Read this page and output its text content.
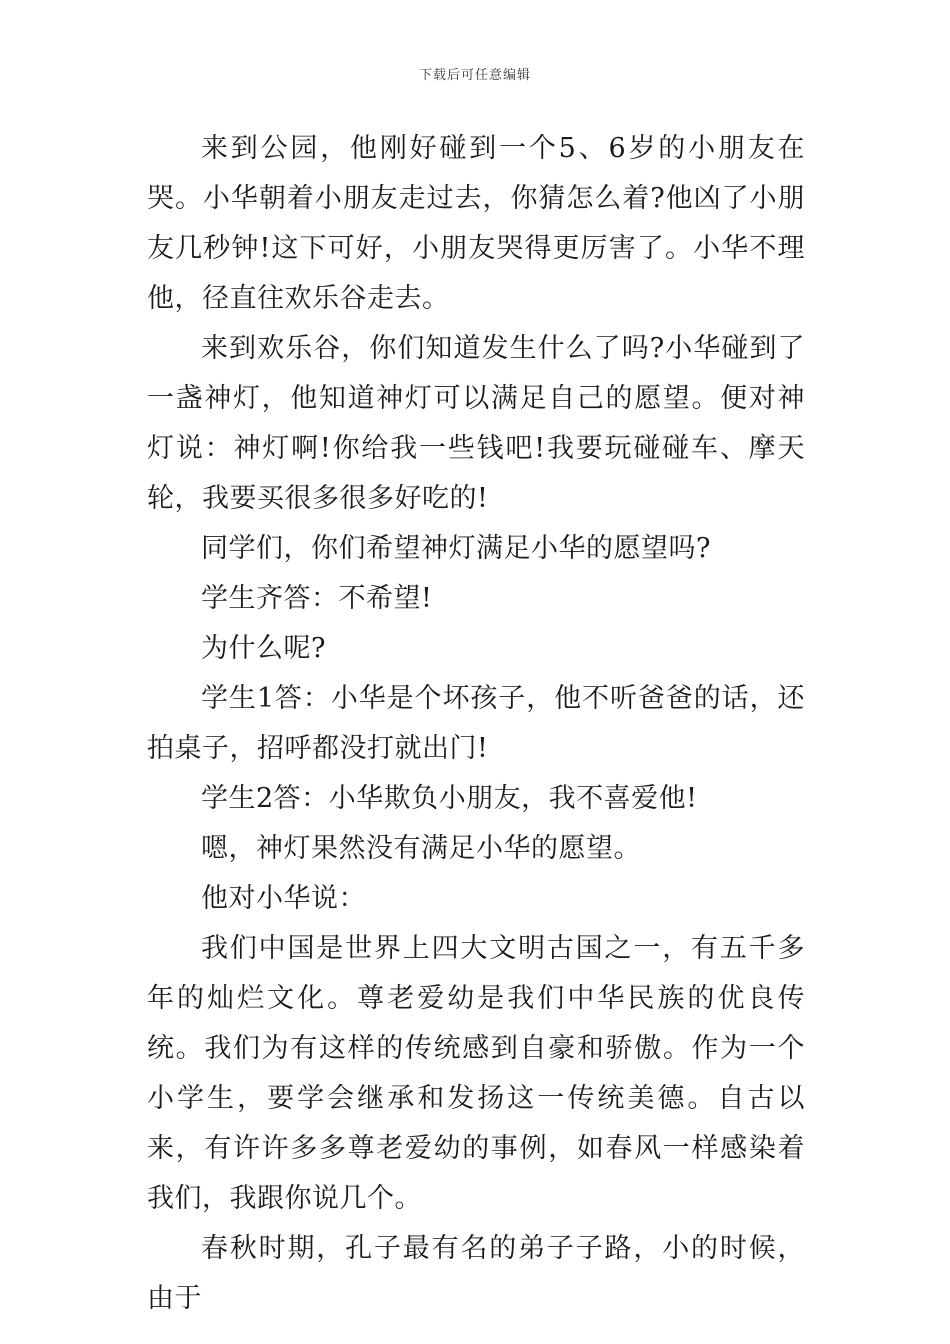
下载后可任意编辑

来到公园，他刚好碰到一个5、6岁的小朋友在哭。小华朝着小朋友走过去，你猜怎么着?他凶了小朋友几秒钟!这下可好，小朋友哭得更厉害了。小华不理他，径直往欢乐谷走去。

来到欢乐谷，你们知道发生什么了吗?小华碰到了一盏神灯，他知道神灯可以满足自己的愿望。便对神灯说：神灯啊!你给我一些钱吧!我要玩碰碰车、摩天轮，我要买很多很多好吃的!

同学们，你们希望神灯满足小华的愿望吗?

学生齐答：不希望!

为什么呢?

学生1答：小华是个坏孩子，他不听爸爸的话，还拍桌子，招呼都没打就出门!

学生2答：小华欺负小朋友，我不喜爱他!

嗯，神灯果然没有满足小华的愿望。

他对小华说：

我们中国是世界上四大文明古国之一，有五千多年的灿烂文化。尊老爱幼是我们中华民族的优良传统。我们为有这样的传统感到自豪和骄傲。作为一个小学生，要学会继承和发扬这一传统美德。自古以来，有许许多多尊老爱幼的事例，如春风一样感染着我们，我跟你说几个。

春秋时期，孔子最有名的弟子子路，小的时候，由于
